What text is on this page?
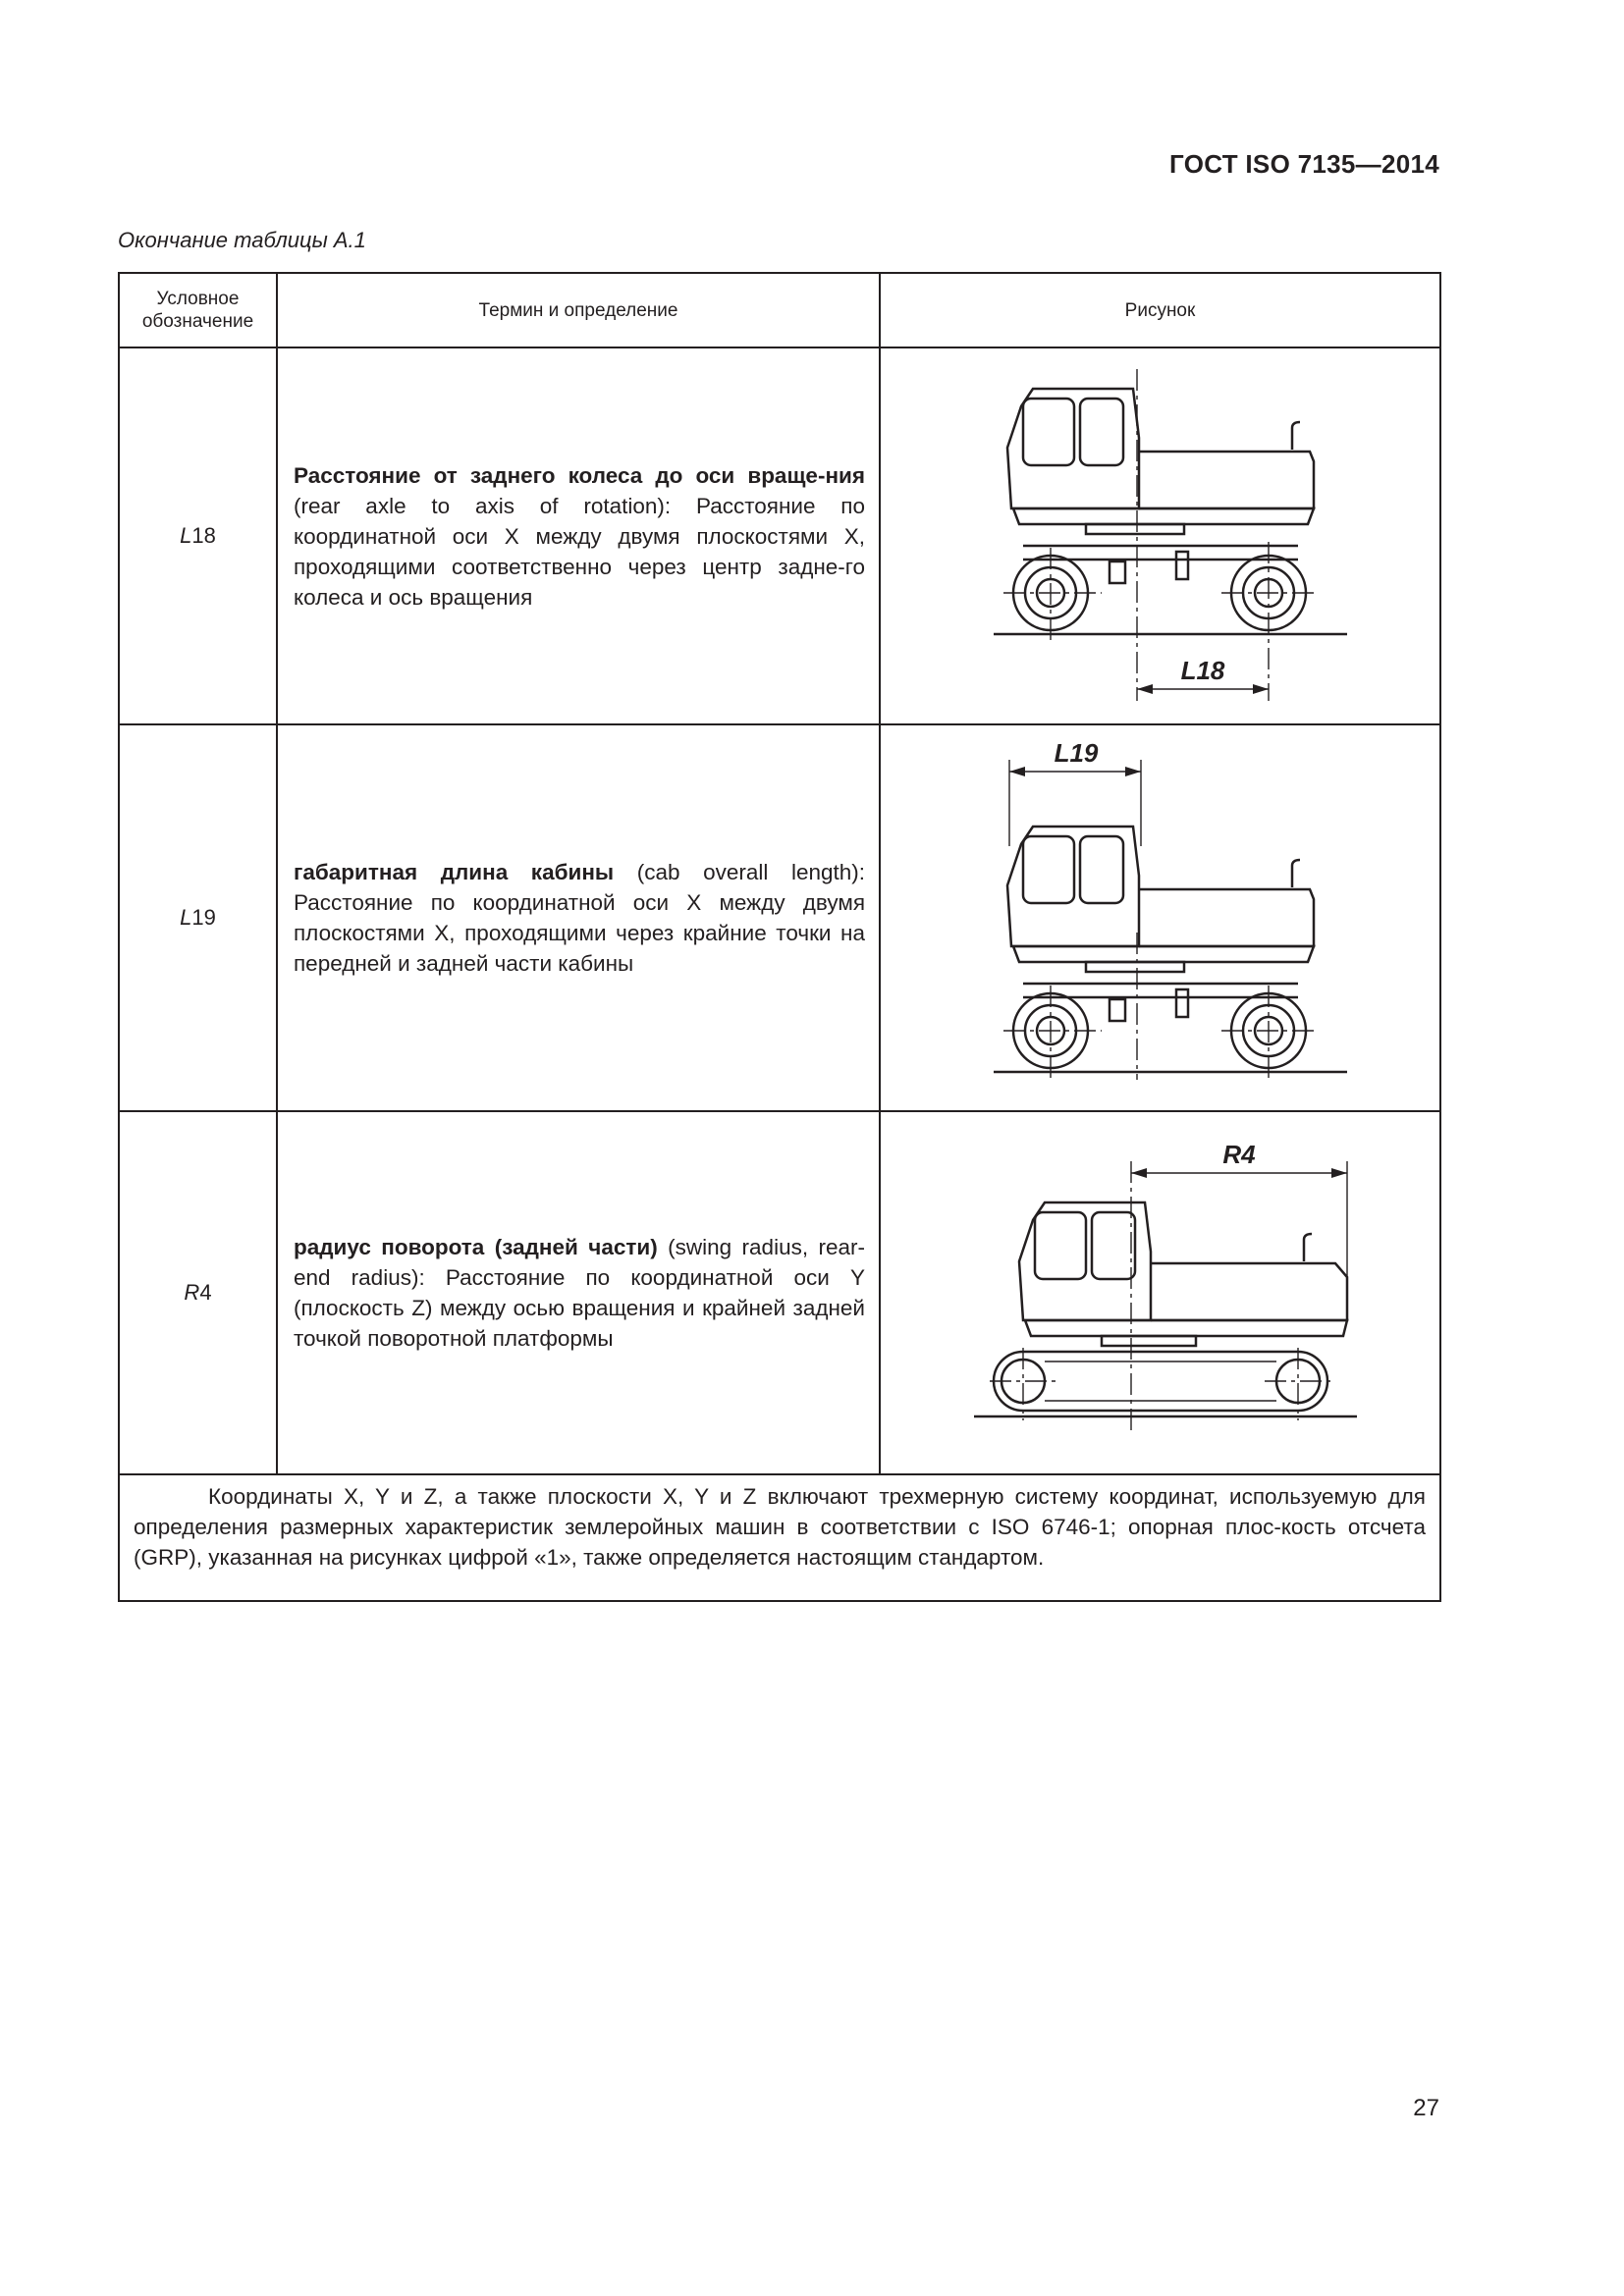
ГОСТ ISO 7135—2014
Окончание таблицы А.1
Условное обозначение	Термин и определение	Рисунок
L18	Расстояние от заднего колеса до оси враще-ния (rear axle to axis of rotation): Расстояние по координатной оси X между двумя плоскостями X, проходящими соответственно через центр задне-го колеса и ось вращения	L18

L19	габаритная длина кабины (cab overall length): Расстояние по координатной оси X между двумя плоскостями X, проходящими через крайние точки на передней и задней части кабины	L19

R4	радиус поворота (задней части) (swing radius, rear-end radius): Расстояние по координатной оси Y (плоскость Z) между осью вращения и крайней задней точкой поворотной платформы	R4

Координаты X, Y и Z, а также плоскости X, Y и Z включают трехмерную систему координат, используемую для определения размерных характеристик землеройных машин в соответствии с ISO 6746-1; опорная плос-кость отсчета (GRP), указанная на рисунках цифрой «1», также определяется настоящим стандартом.		
27
